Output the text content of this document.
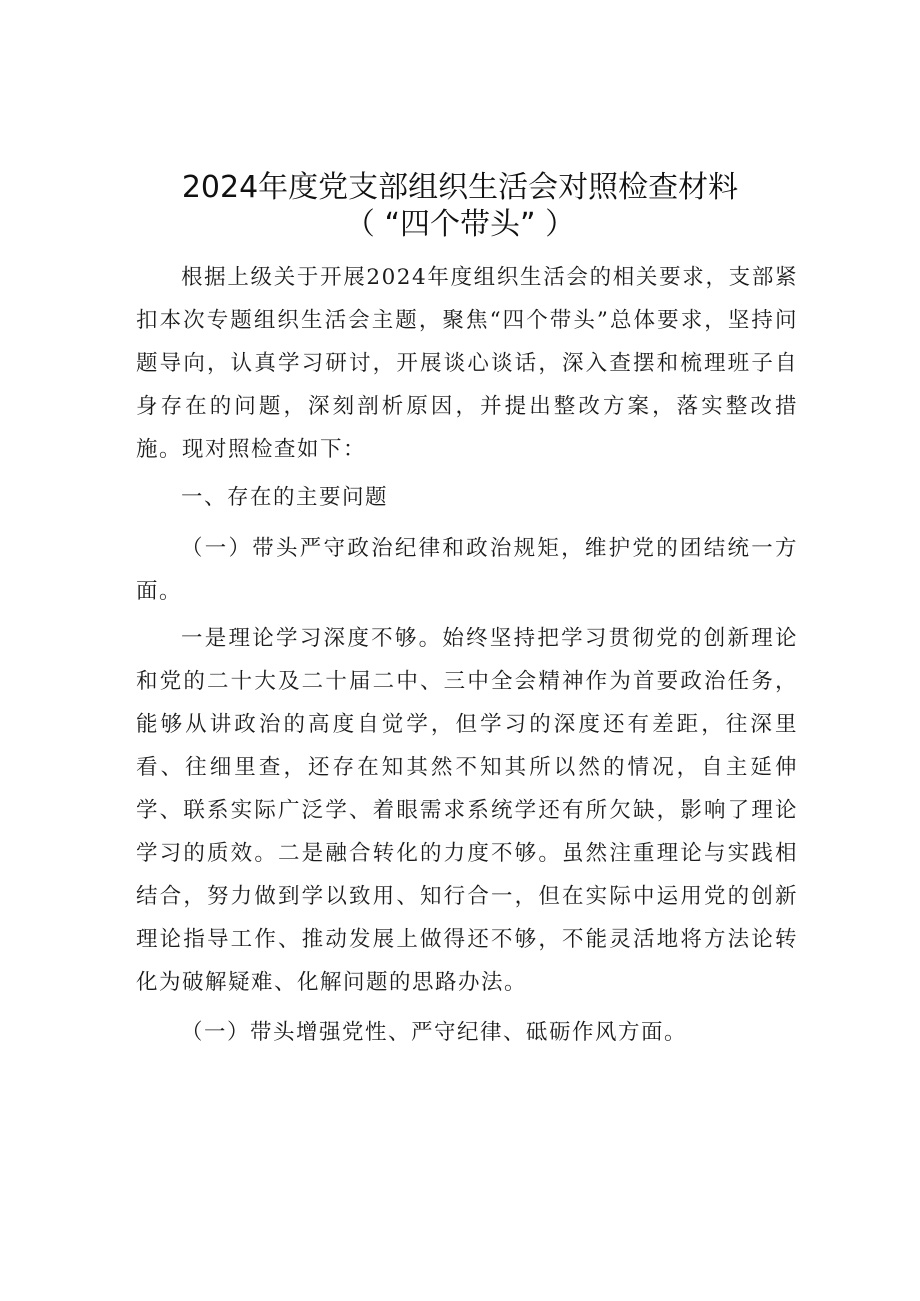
2024年度党支部组织生活会对照检查材料
（ “四个带头” ）
根据上级关于开展2024年度组织生活会的相关要求，支部紧扣本次专题组织生活会主题，聚焦“四个带头”总体要求，坚持问题导向，认真学习研讨，开展谈心谈话，深入查摆和梳理班子自身存在的问题，深刻剖析原因，并提出整改方案，落实整改措施。现对照检查如下：
一、存在的主要问题
（一）带头严守政治纪律和政治规矩，维护党的团结统一方面。
一是理论学习深度不够。始终坚持把学习贯彻党的创新理论和党的二十大及二十届二中、三中全会精神作为首要政治任务，能够从讲政治的高度自觉学，但学习的深度还有差距，往深里看、往细里查，还存在知其然不知其所以然的情况，自主延伸学、联系实际广泛学、着眼需求系统学还有所欠缺，影响了理论学习的质效。二是融合转化的力度不够。虽然注重理论与实践相结合，努力做到学以致用、知行合一，但在实际中运用党的创新理论指导工作、推动发展上做得还不够，不能灵活地将方法论转化为破解疑难、化解问题的思路办法。
（一）带头增强党性、严守纪律、砥砺作风方面。
